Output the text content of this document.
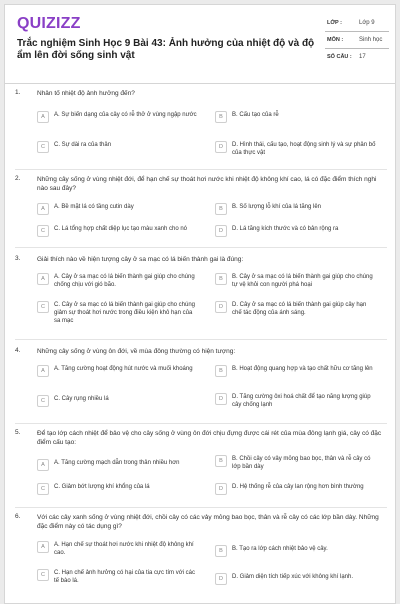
QUIZIZZ
Trắc nghiệm Sinh Học 9 Bài 43: Ảnh hưởng của nhiệt độ và độ ẩm lên đời sống sinh vật
LỚP :	Lớp 9
MÔN :	Sinh học
SỐ CÂU :	17
1.	Nhân tố nhiệt độ ảnh hưởng đến?
A	A. Sự biến dạng của cây có rễ thở ở vùng ngập nước	B	B. Cấu tạo của rễ
C	C. Sự dài ra của thân	D	D. Hình thái, cấu tạo, hoạt động sinh lý và sự phân bố của thực vật
2.	Những cây sống ở vùng nhiệt đới, để hạn chế sự thoát hơi nước khi nhiệt độ không khí cao, lá có đặc điểm thích nghi nào sau đây?
A	A. Bề mặt lá có tầng cutin dày	B	B. Số lượng lỗ khí của lá tăng lên
C	C. Lá tổng hợp chất diệp lục tạo màu xanh cho nó	D	D. Lá tăng kích thước và có bản rộng ra
3.	Giải thích nào về hiện tượng cây ở sa mạc có lá biến thành gai là đúng:
A	A. Cây ở sa mạc có lá biến thành gai giúp cho chúng chống chịu với gió bão.
B	B. Cây ở sa mạc có lá biến thành gai giúp cho chúng tự vệ khỏi con người phá hoại
C	C. Cây ở sa mạc có lá biến thành gai giúp cho chúng giảm sự thoát hơi nước trong điều kiện khô hạn của sa mạc
D	D. Cây ở sa mạc có lá biến thành gai giúp cây hạn chế tác động của ánh sáng.
4.	Những cây sống ở vùng ôn đới, về mùa đông thường có hiện tượng:
A	A. Tăng cường hoạt động hút nước và muối khoáng	B	B. Hoạt động quang hợp và tạo chất hữu cơ tăng lên
C	C. Cây rụng nhiều lá	D	D. Tăng cường ôxi hoá chất để tạo năng lượng giúp cây chống lạnh
5.	Để tạo lớp cách nhiệt để bảo vệ cho cây sống ở vùng ôn đới chịu đựng được cái rét của mùa đông lạnh giá, cây có đặc điểm cấu tạo:
A	A. Tăng cường mạch dẫn trong thân nhiều hơn	B	B. Chồi cây có vảy mỏng bao bọc, thân và rễ cây có lớp bần dày
C	C. Giảm bớt lượng khí khổng của lá	D	D. Hệ thống rễ của cây lan rộng hơn bình thường
6.	Với các cây xanh sống ở vùng nhiệt đới, chồi cây có các vảy mỏng bao bọc, thân và rễ cây có các lớp bần dày. Những đặc điểm này có tác dụng gì?
A	A. Hạn chế sự thoát hơi nước khi nhiệt độ không khí cao.	B	B. Tạo ra lớp cách nhiệt bảo vệ cây.
C	C. Hạn chế ảnh hưởng có hại của tia cực tím với các tế bào lá.	D	D. Giảm diện tích tiếp xúc với không khí lạnh.
